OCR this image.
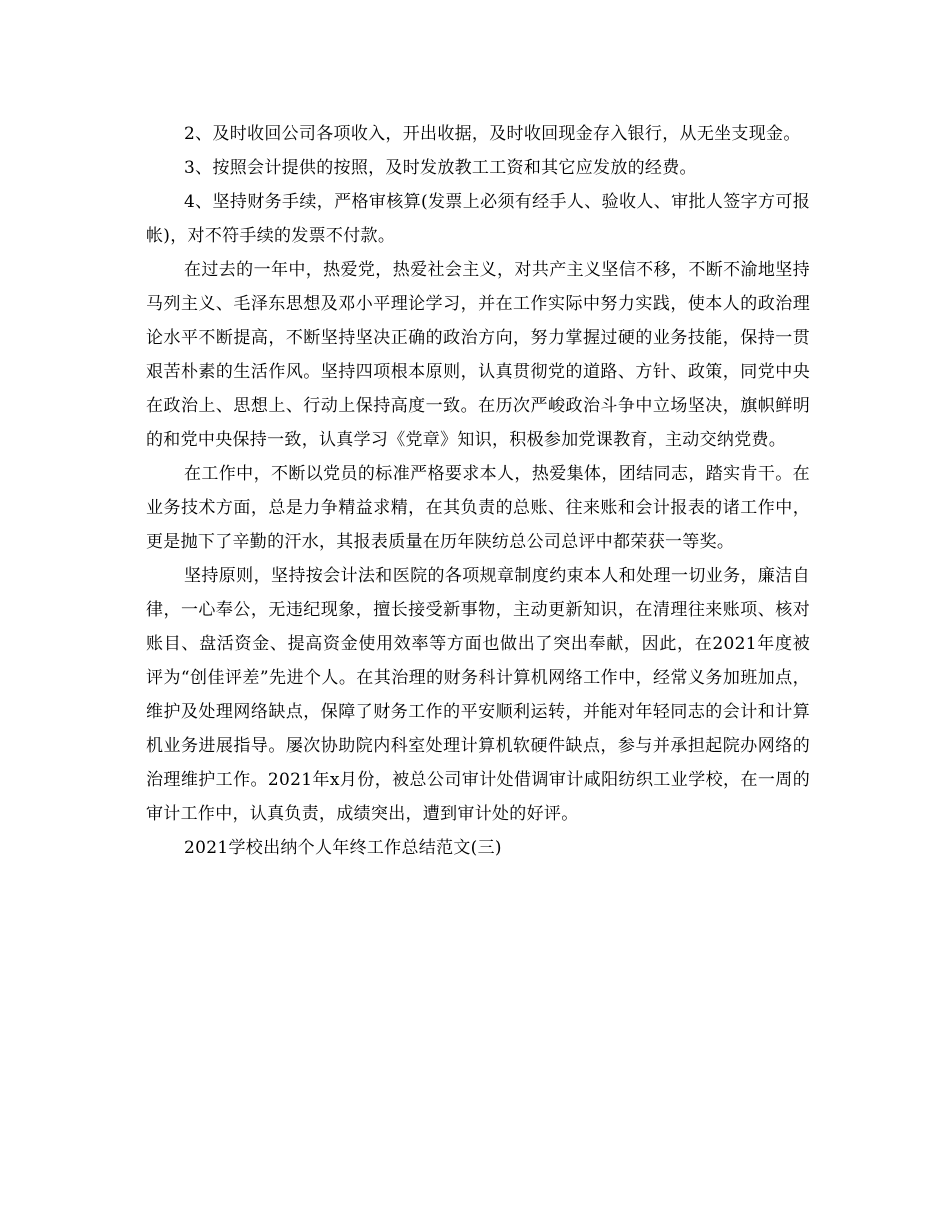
2、及时收回公司各项收入，开出收据，及时收回现金存入银行，从无坐支现金。

3、按照会计提供的按照，及时发放教工工资和其它应发放的经费。

4、坚持财务手续，严格审核算(发票上必须有经手人、验收人、审批人签字方可报帐)，对不符手续的发票不付款。

在过去的一年中，热爱党，热爱社会主义，对共产主义坚信不移，不断不渝地坚持马列主义、毛泽东思想及邓小平理论学习，并在工作实际中努力实践，使本人的政治理论水平不断提高，不断坚持坚决正确的政治方向，努力掌握过硬的业务技能，保持一贯艰苦朴素的生活作风。坚持四项根本原则，认真贯彻党的道路、方针、政策，同党中央在政治上、思想上、行动上保持高度一致。在历次严峻政治斗争中立场坚决，旗帜鲜明的和党中央保持一致，认真学习《党章》知识，积极参加党课教育，主动交纳党费。

在工作中，不断以党员的标准严格要求本人，热爱集体，团结同志，踏实肯干。在业务技术方面，总是力争精益求精，在其负责的总账、往来账和会计报表的诸工作中，更是抛下了辛勤的汗水，其报表质量在历年陕纺总公司总评中都荣获一等奖。

坚持原则，坚持按会计法和医院的各项规章制度约束本人和处理一切业务，廉洁自律，一心奉公，无违纪现象，擅长接受新事物，主动更新知识，在清理往来账项、核对账目、盘活资金、提高资金使用效率等方面也做出了突出奉献，因此，在2021年度被评为“创佳评差”先进个人。在其治理的财务科计算机网络工作中，经常义务加班加点，维护及处理网络缺点，保障了财务工作的平安顺利运转，并能对年轻同志的会计和计算机业务进展指导。屡次协助院内科室处理计算机软硬件缺点，参与并承担起院办网络的治理维护工作。2021年x月份，被总公司审计处借调审计咸阳纺织工业学校，在一周的审计工作中，认真负责，成绩突出，遭到审计处的好评。

2021学校出纳个人年终工作总结范文(三)
